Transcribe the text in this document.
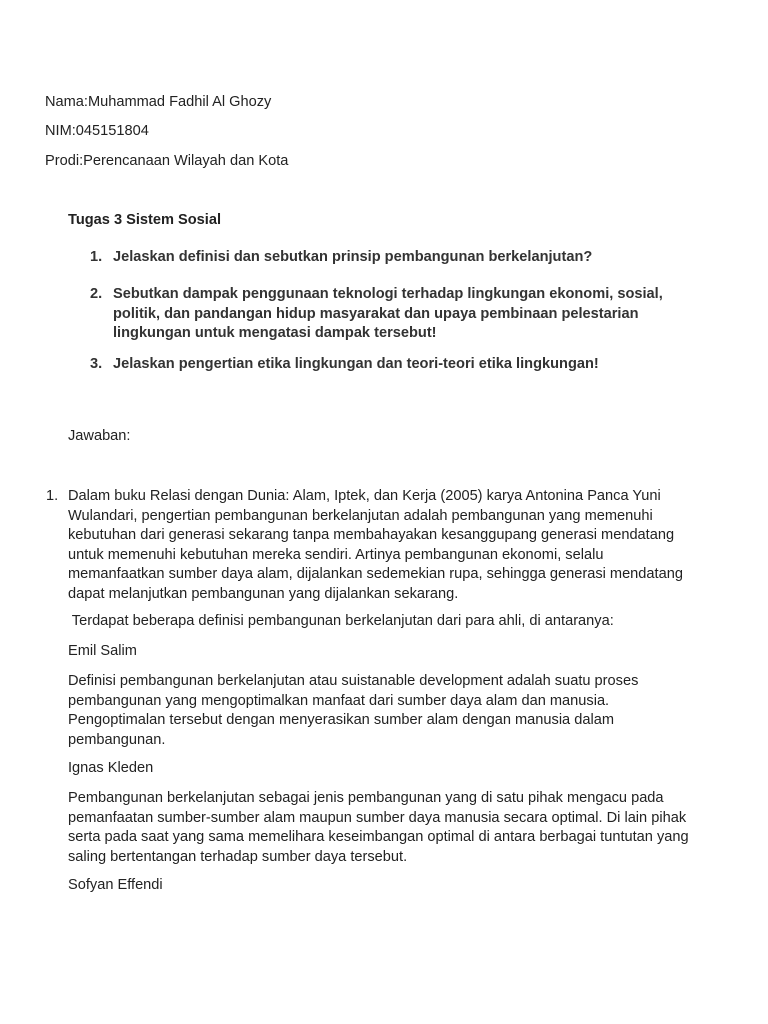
Nama:Muhammad Fadhil Al Ghozy

NIM:045151804

Prodi:Perencanaan Wilayah dan Kota

Tugas 3 Sistem Sosial

1. Jelaskan definisi dan sebutkan prinsip pembangunan berkelanjutan?
2. Sebutkan dampak penggunaan teknologi terhadap lingkungan ekonomi, sosial, politik, dan pandangan hidup masyarakat dan upaya pembinaan pelestarian lingkungan untuk mengatasi dampak tersebut!
3. Jelaskan pengertian etika lingkungan dan teori-teori etika lingkungan!

Jawaban:

1. Dalam buku Relasi dengan Dunia: Alam, Iptek, dan Kerja (2005) karya Antonina Panca Yuni Wulandari, pengertian pembangunan berkelanjutan adalah pembangunan yang memenuhi kebutuhan dari generasi sekarang tanpa membahayakan kesanggupang generasi mendatang untuk memenuhi kebutuhan mereka sendiri. Artinya pembangunan ekonomi, selalu memanfaatkan sumber daya alam, dijalankan sedemekian rupa, sehingga generasi mendatang dapat melanjutkan pembangunan yang dijalankan sekarang.

Terdapat beberapa definisi pembangunan berkelanjutan dari para ahli, di antaranya:

Emil Salim

Definisi pembangunan berkelanjutan atau suistanable development adalah suatu proses pembangunan yang mengoptimalkan manfaat dari sumber daya alam dan manusia. Pengoptimalan tersebut dengan menyerasikan sumber alam dengan manusia dalam pembangunan.

Ignas Kleden

Pembangunan berkelanjutan sebagai jenis pembangunan yang di satu pihak mengacu pada pemanfaatan sumber-sumber alam maupun sumber daya manusia secara optimal. Di lain pihak serta pada saat yang sama memelihara keseimbangan optimal di antara berbagai tuntutan yang saling bertentangan terhadap sumber daya tersebut.

Sofyan Effendi
